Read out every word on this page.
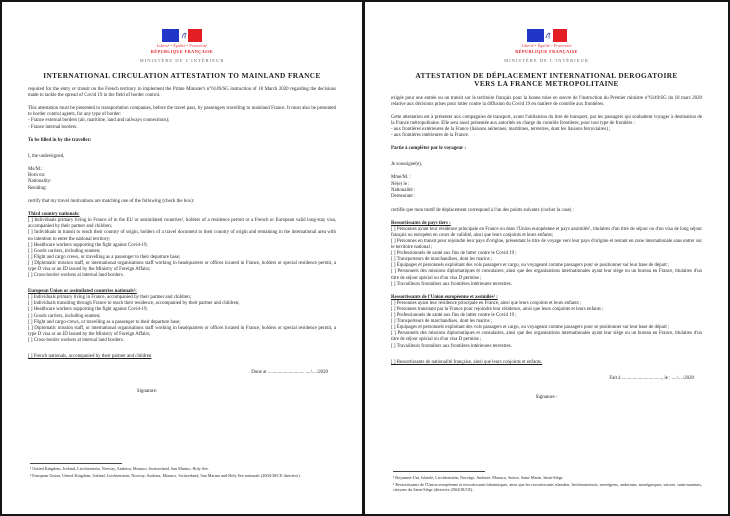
Liberté • Égalité • Fraternité
RÉPUBLIQUE FRANÇAISE
MINISTÈRE DE L'INTÉRIEUR
INTERNATIONAL CIRCULATION ATTESTATION TO MAINLAND FRANCE

required for the entry or transit on the French territory to implement the Prime Minister's n°6149/SG instruction of 18 March 2020 regarding the decisions made to tackle the spread of Covid 19 in the field of border control.

This attestation must be presented to transportation companies, before the travel pass, by passengers travelling to mainland France. It must also be presented to border control agents, for any type of border:

- France external borders (air, maritime, land and railways connections);

- France internal borders.

To be filled in by the traveller:

I, the undersigned,

Ms/M.:

Born on:

Nationality:

Residing:

certify that my travel motivations are matching one of the following (check the box):

Third country nationals:

[ ] Individuals primary living in France of in the EU or assimilated countries¹, holders of a residence permit or a French or European valid long-stay visa, accompanied by their partner and children;

[ ] Individuals in transit to reach their country of origin, holders of a travel document to their country of origin and remaining in the international area with no intention to enter the national territory;

[ ] Healthcare workers supporting the fight against Covid-19;

[ ] Goods carriers, including seamen;

[ ] Flight and cargo crews, or travelling as a passenger to their departure base;

[ ] Diplomatic mission staff, or international organisations staff working in headquarters or offices located in France, holders or special residence permit, a type D visa or an ID issued by the Ministry of Foreign Affairs;

[ ] Cross-border workers at internal land borders.

European Union or assimilated countries nationals²:

[ ] Individuals primary living in France, accompanied by their partner and children;

[ ] Individuals transiting through France to reach their residence, accompanied by their partner and children;

[ ] Healthcare workers supporting the fight against Covid-19;

[ ] Goods carriers, including seamen;

[ ] Flight and cargo-crews, or travelling as a passenger to their departure base;

[ ] Diplomatic mission staff, or international organisations staff working in headquarters or offices located in France, holders or special residence permit, a type D visa or an ID issued by the Ministry of Foreign Affairs;

[ ] Cross-border workers at internal land borders.

[ ] French nationals, accompanied by their partner and children

Done at .............................. ..../..../2020

Signature:

¹ United Kingdom, Iceland, Liechtenstein, Norway, Andorra, Monaco, Switzerland, San Marino, Holy See.

² European Union, United Kingdom, Iceland, Liechtenstein, Norway, Andorra, Monaco, Switzerland, San Marino and Holy See nationals (2004/38/CE directive).

Liberté • Égalité • Fraternité
RÉPUBLIQUE FRANÇAISE
MINISTÈRE DE L'INTÉRIEUR
ATTESTATION DE DÉPLACEMENT INTERNATIONAL DEROGATOIRE
VERS LA FRANCE METROPOLITAINE

exigée pour une entrée ou un transit sur le territoire français pour la bonne mise en œuvre de l'instruction du Premier ministre n°6149/SG du 18 mars 2020 relative aux décisions prises pour lutter contre la diffusion du Covid 19 en matière de contrôle aux frontières.

Cette attestation est à présenter aux compagnies de transport, avant l'utilisation du titre de transport, par les passagers qui souhaitent voyager à destination de la France métropolitaine. Elle sera aussi présentée aux autorités en charge du contrôle frontières, pour tout type de frontière :

- aux frontières extérieures de la France (liaisons aériennes, maritimes, terrestres, dont les liaisons ferroviaires) ;

- aux frontières intérieures de la France.

Partie à compléter par le voyageur :

Je soussigné(e),

Mme/M. :

Né(e) le :

Nationalité :

Demeurant :

certifie que mon motif de déplacement correspond à l'un des points suivants (cocher la case) :

Ressortissants de pays tiers :

[ ] Personnes ayant leur résidence principale en France ou dans l'Union européenne et pays assimilés¹, titulaires d'un titre de séjour ou d'un visa de long séjour français ou européen en cours de validité, ainsi que leurs conjoints et leurs enfants;

[ ] Personnes en transit pour rejoindre leur pays d'origine, présentant le titre de voyage vers leur pays d'origine et restant en zone internationale sans entrer sur le territoire national ;

[ ] Professionnels de santé aux fins de lutter contre le Covid 19 ;

[ ] Transporteurs de marchandises, dont les marins ;

[ ] Équipages et personnels exploitant des vols passagers et cargo, ou voyageant comme passagers pour se positionner sur leur base de départ ;

[ ] Personnels des missions diplomatiques et consulaires, ainsi que des organisations internationales ayant leur siège ou un bureau en France, titulaires d'un titre de séjour spécial ou d'un visa D permise ;

[ ] Travailleurs frontaliers aux frontières intérieures terrestres.

Ressortissants de l'Union européenne et assimilés² :

[ ] Personnes ayant leur résidence principale en France, ainsi que leurs conjoints et leurs enfants ;

[ ] Personnes transitant par la France pour rejoindre leur résidence, ainsi que leurs conjoints et leurs enfants ;

[ ] Professionnels de santé aux fins de lutter contre le Covid 19 ;

[ ] Transporteurs de marchandises, dont les marins ;

[ ] Équipages et personnels exploitant des vols passagers et cargo, ou voyageant comme passagers pour se positionner sur leur base de départ ;

[ ] Personnels des missions diplomatiques et consulaires, ainsi que des organisations internationales ayant leur siège ou un bureau en France, titulaires d'un titre de séjour spécial ou d'un visa D permise ;

[ ] Travailleurs frontaliers aux frontières intérieures terrestres.

[ ] Ressortissants de nationalité française, ainsi que leurs conjoints et enfants.

Fait à ................................., le : ..../..../2020

Signature :

¹ Royaume-Uni, Islande, Liechtenstein, Norvège, Andorre, Monaco, Suisse, Saint-Marin, Saint-Siège.

² Ressortissants de l'Union européenne et ressortissants britanniques, ainsi que les ressortissants islandais, liechtensteinois, norvégiens, andorrans, monégasques, suisses, saint-marinais, citoyens du Saint-Siège (directive 2004/38/CE).
